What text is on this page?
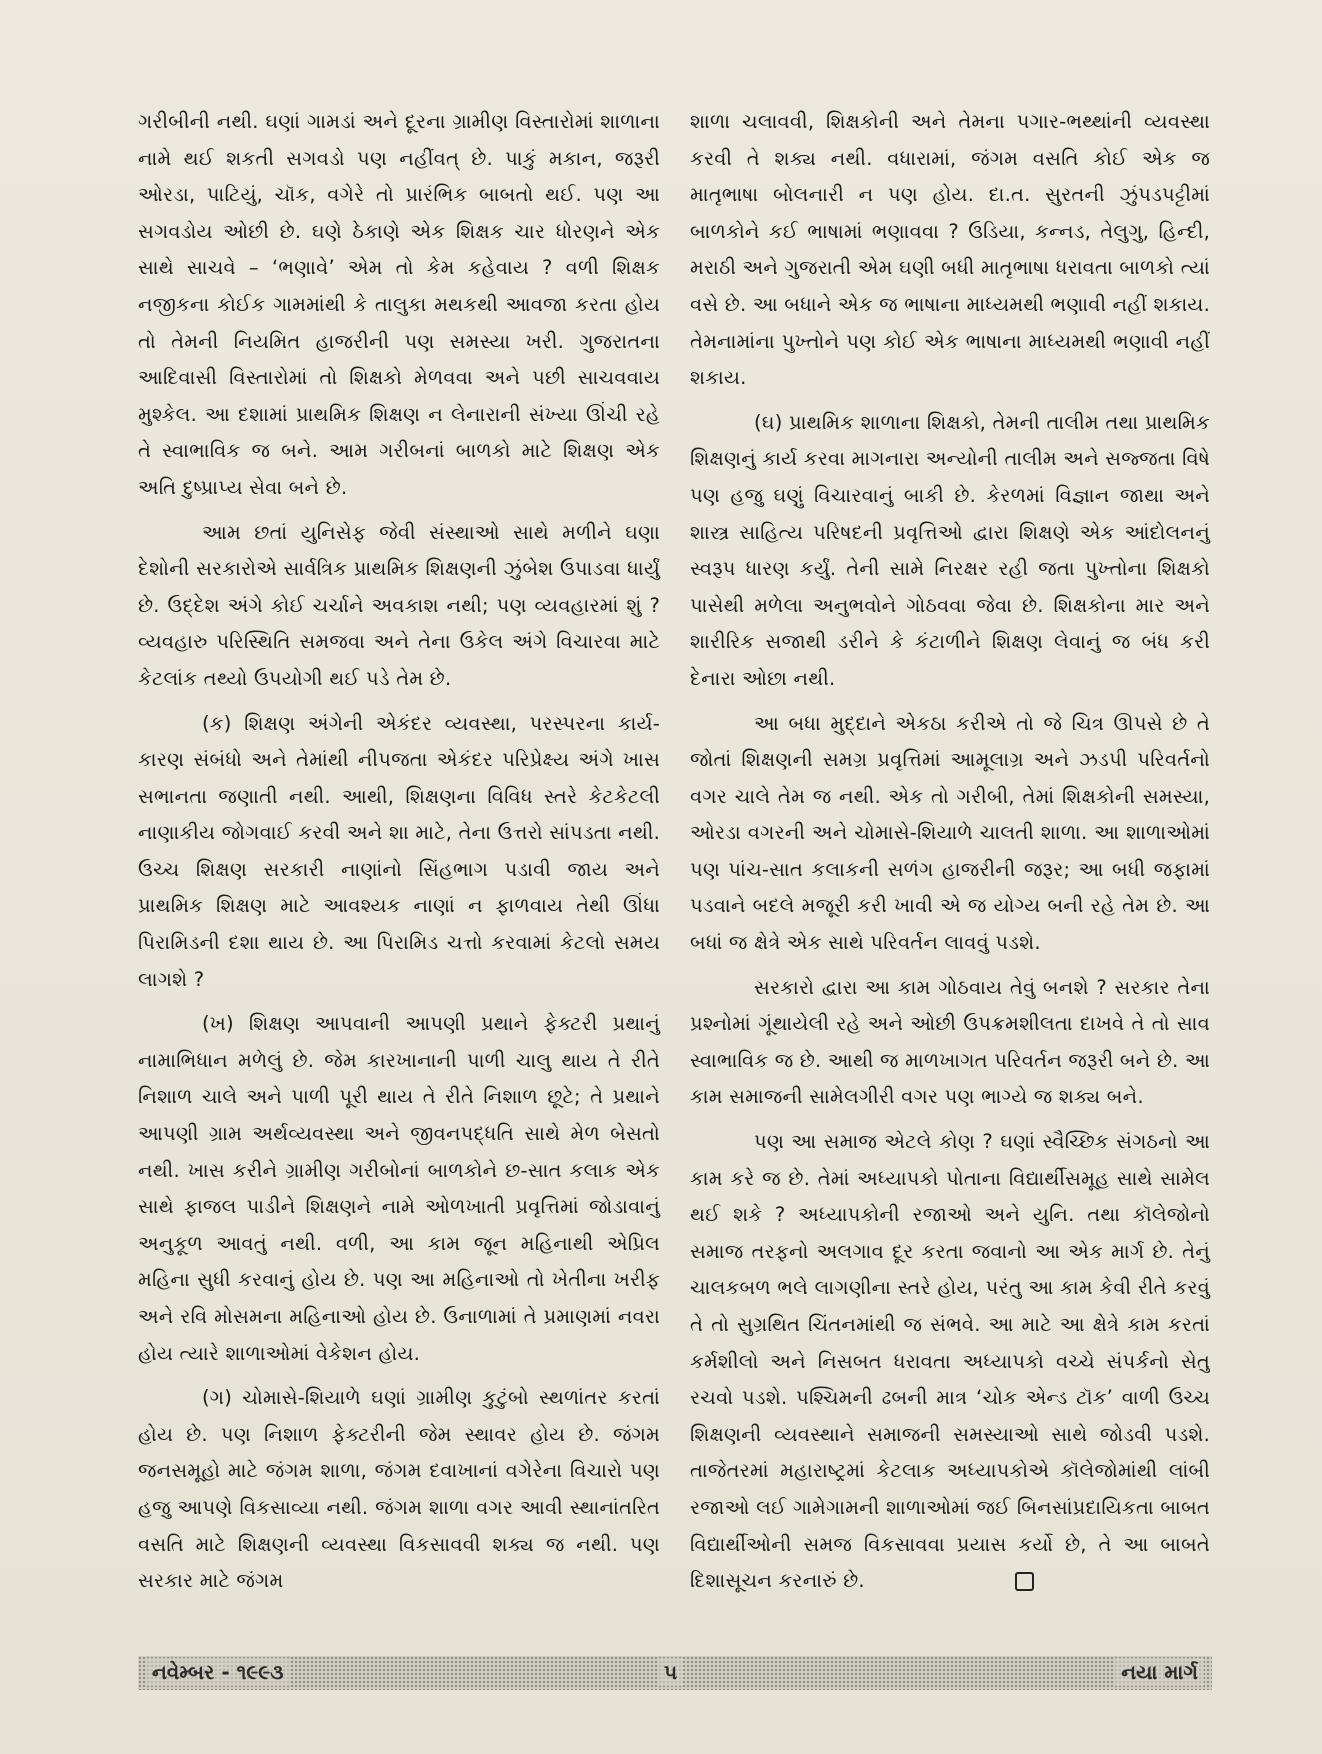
ગરીબીની નથી. ઘણાં ગામડાં અને દૂરના ગ્રામીણ વિસ્તારોમાં શાળાના નામે થઈ શકતી સગવડો પણ નહીંવત્ છે. પાકું મકાન, જરૂરી ઓરડા, પાટિયું, ચૉક, વગેરે તો પ્રારંભિક બાબતો થઈ. પણ આ સગવડોય ઓછી છે. ઘણે ઠેકાણે એક શિક્ષક ચાર ધોરણને એક સાથે સાચવે – ‘ભણાવે’ એમ તો કેમ કહેવાય ? વળી શિક્ષક નજીકના કોઈક ગામમાંથી કે તાલુકા મથકથી આવજા કરતા હોય તો તેમની નિયમિત હાજરીની પણ સમસ્યા ખરી. ગુજરાતના આદિવાસી વિસ્તારોમાં તો શિક્ષકો મેળવવા અને પછી સાચવવાય મુશ્કેલ. આ દશામાં પ્રાથમિક શિક્ષણ ન લેનારાની સંખ્યા ઊંચી રહે તે સ્વાભાવિક જ બને. આમ ગરીબનાં બાળકો માટે શિક્ષણ એક અતિ દુષ્પ્રાપ્ય સેવા બને છે.

આમ છતાં યુનિસેફ જેવી સંસ્થાઓ સાથે મળીને ઘણા દેશોની સરકારોએ સાર્વત્રિક પ્રાથમિક શિક્ષણની ઝુંબેશ ઉપાડવા ધાર્યું છે. ઉદ્દેશ અંગે કોઈ ચર્ચાને અવકાશ નથી; પણ વ્યવહારમાં શું ? વ્યવહારુ પરિસ્થિતિ સમજવા અને તેના ઉકેલ અંગે વિચારવા માટે કેટલાંક તથ્યો ઉપયોગી થઈ પડે તેમ છે.

(ક) શિક્ષણ અંગેની એકંદર વ્યવસ્થા, પરસ્પરના કાર્ય-કારણ સંબંધો અને તેમાંથી નીપજતા એકંદર પરિપ્રેક્ષ્ય અંગે ખાસ સભાનતા જણાતી નથી. આથી, શિક્ષણના વિવિધ સ્તરે કેટકેટલી નાણાકીય જોગવાઈ કરવી અને શા માટે, તેના ઉત્તરો સાંપડતા નથી. ઉચ્ચ શિક્ષણ સરકારી નાણાંનો સિંહભાગ પડાવી જાય અને પ્રાથમિક શિક્ષણ માટે આવશ્યક નાણાં ન ફાળવાય તેથી ઊંધા પિરામિડની દશા થાય છે. આ પિરામિડ ચત્તો કરવામાં કેટલો સમય લાગશે ?

(ખ) શિક્ષણ આપવાની આપણી પ્રથાને ફેક્ટરી પ્રથાનું નામાભિધાન મળેલું છે. જેમ કારખાનાની પાળી ચાલુ થાય તે રીતે નિશાળ ચાલે અને પાળી પૂરી થાય તે રીતે નિશાળ છૂટે; તે પ્રથાને આપણી ગ્રામ અર્થવ્યવસ્થા અને જીવનપદ્ધતિ સાથે મેળ બેસતો નથી. ખાસ કરીને ગ્રામીણ ગરીબોનાં બાળકોને છ-સાત કલાક એક સાથે ફાજલ પાડીને શિક્ષણને નામે ઓળખાતી પ્રવૃત્તિમાં જોડાવાનું અનુકૂળ આવતું નથી. વળી, આ કામ જૂન મહિનાથી એપ્રિલ મહિના સુધી કરવાનું હોય છે. પણ આ મહિનાઓ તો ખેતીના ખરીફ અને રવિ મોસમના મહિનાઓ હોય છે. ઉનાળામાં તે પ્રમાણમાં નવરા હોય ત્યારે શાળાઓમાં વેકેશન હોય.

(ગ) ચોમાસે-શિયાળે ઘણાં ગ્રામીણ કુટુંબો સ્થળાંતર કરતાં હોય છે. પણ નિશાળ ફેક્ટરીની જેમ સ્થાવર હોય છે. જંગમ જનસમૂહો માટે જંગમ શાળા, જંગમ દવાખાનાં વગેરેના વિચારો પણ હજુ આપણે વિકસાવ્યા નથી. જંગમ શાળા વગર આવી સ્થાનાંતરિત વસતિ માટે શિક્ષણની વ્યવસ્થા વિકસાવવી શક્ય જ નથી. પણ સરકાર માટે જંગમ

શાળા ચલાવવી, શિક્ષકોની અને તેમના પગાર-ભથ્થાંની વ્યવસ્થા કરવી તે શક્ય નથી. વધારામાં, જંગમ વસતિ કોઈ એક જ માતૃભાષા બોલનારી ન પણ હોય. દા.ત. સુરતની ઝુંપડપટ્ટીમાં બાળકોને કઈ ભાષામાં ભણાવવા ? ઉડિયા, કન્નડ, તેલુગુ, હિન્દી, મરાઠી અને ગુજરાતી એમ ઘણી બધી માતૃભાષા ધરાવતા બાળકો ત્યાં વસે છે. આ બધાને એક જ ભાષાના માધ્યમથી ભણાવી નહીં શકાય. તેમનામાંના પુખ્તોને પણ કોઈ એક ભાષાના માધ્યમથી ભણાવી નહીં શકાય.

(ઘ) પ્રાથમિક શાળાના શિક્ષકો, તેમની તાલીમ તથા પ્રાથમિક શિક્ષણનું કાર્ય કરવા માગનારા અન્યોની તાલીમ અને સજ્જતા વિષે પણ હજુ ઘણું વિચારવાનું બાકી છે. કેરળમાં વિજ્ઞાન જાથા અને શાસ્ત્ર સાહિત્ય પરિષદની પ્રવૃત્તિઓ દ્વારા શિક્ષણે એક આંદોલનનું સ્વરૂપ ધારણ કર્યું. તેની સામે નિરક્ષર રહી જતા પુખ્તોના શિક્ષકો પાસેથી મળેલા અનુભવોને ગોઠવવા જેવા છે. શિક્ષકોના માર અને શારીરિક સજાથી ડરીને કે કંટાળીને શિક્ષણ લેવાનું જ બંધ કરી દેનારા ઓછા નથી.

આ બધા મુદ્દાને એકઠા કરીએ તો જે ચિત્ર ઊપસે છે તે જોતાં શિક્ષણની સમગ્ર પ્રવૃત્તિમાં આમૂલાગ્ર અને ઝડપી પરિવર્તનો વગર ચાલે તેમ જ નથી. એક તો ગરીબી, તેમાં શિક્ષકોની સમસ્યા, ઓરડા વગરની અને ચોમાસે-શિયાળે ચાલતી શાળા. આ શાળાઓમાં પણ પાંચ-સાત કલાકની સળંગ હાજરીની જરૂર; આ બધી જફામાં પડવાને બદલે મજૂરી કરી ખાવી એ જ યોગ્ય બની રહે તેમ છે. આ બધાં જ ક્ષેત્રે એક સાથે પરિવર્તન લાવવું પડશે.

સરકારો દ્વારા આ કામ ગોઠવાય તેવું બનશે ? સરકાર તેના પ્રશ્નોમાં ગૂંથાયેલી રહે અને ઓછી ઉપક્રમશીલતા દાખવે તે તો સાવ સ્વાભાવિક જ છે. આથી જ માળખાગત પરિવર્તન જરૂરી બને છે. આ કામ સમાજની સામેલગીરી વગર પણ ભાગ્યે જ શક્ય બને.

પણ આ સમાજ એટલે કોણ ? ઘણાં સ્વૈચ્છિક સંગઠનો આ કામ કરે જ છે. તેમાં અધ્યાપકો પોતાના વિદ્યાર્થીસમૂહ સાથે સામેલ થઈ શકે ? અધ્યાપકોની રજાઓ અને યુનિ. તથા કૉલેજોનો સમાજ તરફનો અલગાવ દૂર કરતા જવાનો આ એક માર્ગ છે. તેનું ચાલકબળ ભલે લાગણીના સ્તરે હોય, પરંતુ આ કામ કેવી રીતે કરવું તે તો સુગ્રથિત ચિંતનમાંથી જ સંભવે. આ માટે આ ક્ષેત્રે કામ કરતાં કર્મશીલો અને નિસબત ધરાવતા અધ્યાપકો વચ્ચે સંપર્કનો સેતુ રચવો પડશે. પશ્ચિમની ઢબની માત્ર ‘ચોક એન્ડ ટૉક’ વાળી ઉચ્ચ શિક્ષણની વ્યવસ્થાને સમાજની સમસ્યાઓ સાથે જોડવી પડશે. તાજેતરમાં મહારાષ્ટ્રમાં કેટલાક અધ્યાપકોએ કૉલેજોમાંથી લાંબી રજાઓ લઈ ગામેગામની શાળાઓમાં જઈ બિનસાંપ્રદાયિકતા બાબત વિદ્યાર્થીઓની સમજ વિકસાવવા પ્રયાસ કર્યો છે, તે આ બાબતે દિશાસૂચન કરનારું છે.

નવેમ્બર - ૧૯૯૩	૫	નયા માર્ગ
